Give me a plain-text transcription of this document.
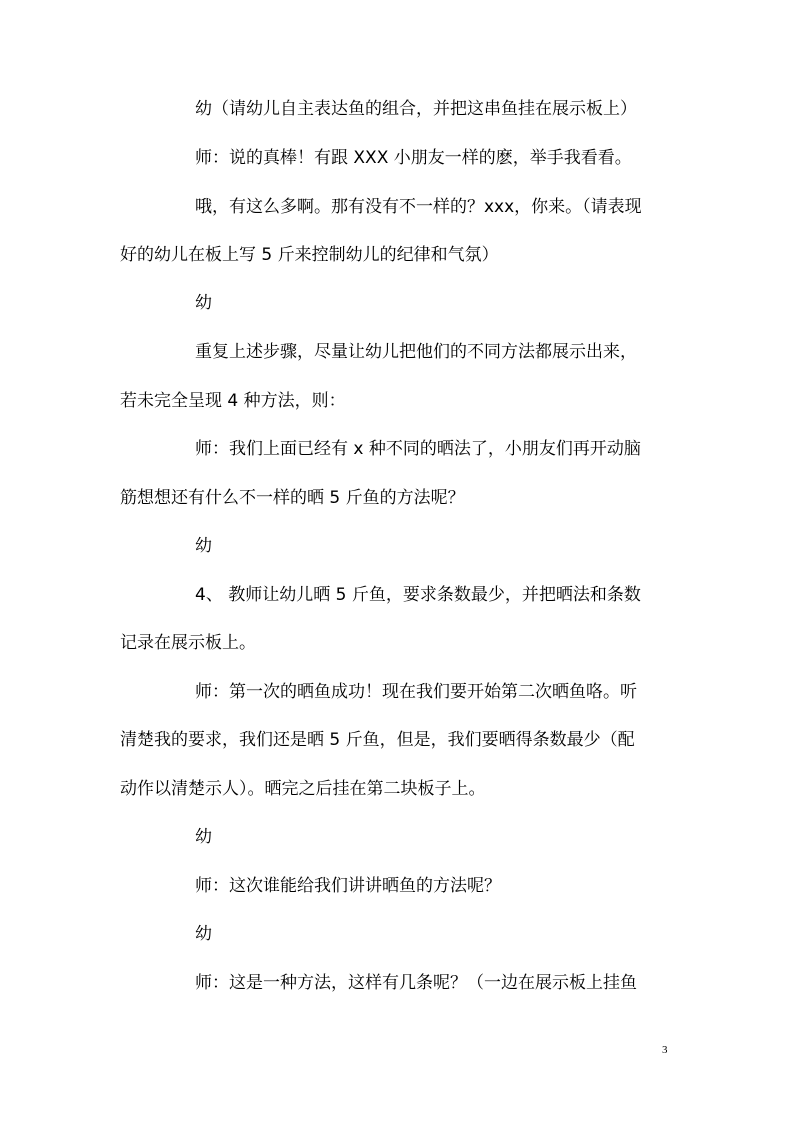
幼（请幼儿自主表达鱼的组合，并把这串鱼挂在展示板上）
师：说的真棒！有跟 XXX 小朋友一样的麽，举手我看看。
哦，有这么多啊。那有没有不一样的？xxx，你来。（请表现
好的幼儿在板上写 5 斤来控制幼儿的纪律和气氛）
幼
重复上述步骤，尽量让幼儿把他们的不同方法都展示出来，
若未完全呈现 4 种方法，则：
师：我们上面已经有 x 种不同的晒法了，小朋友们再开动脑
筋想想还有什么不一样的晒 5 斤鱼的方法呢？
幼
4、 教师让幼儿晒 5 斤鱼，要求条数最少，并把晒法和条数
记录在展示板上。
师：第一次的晒鱼成功！现在我们要开始第二次晒鱼咯。听
清楚我的要求，我们还是晒 5 斤鱼，但是，我们要晒得条数最少（配
动作以清楚示人）。晒完之后挂在第二块板子上。
幼
师：这次谁能给我们讲讲晒鱼的方法呢？
幼
师：这是一种方法，这样有几条呢？（一边在展示板上挂鱼
3
